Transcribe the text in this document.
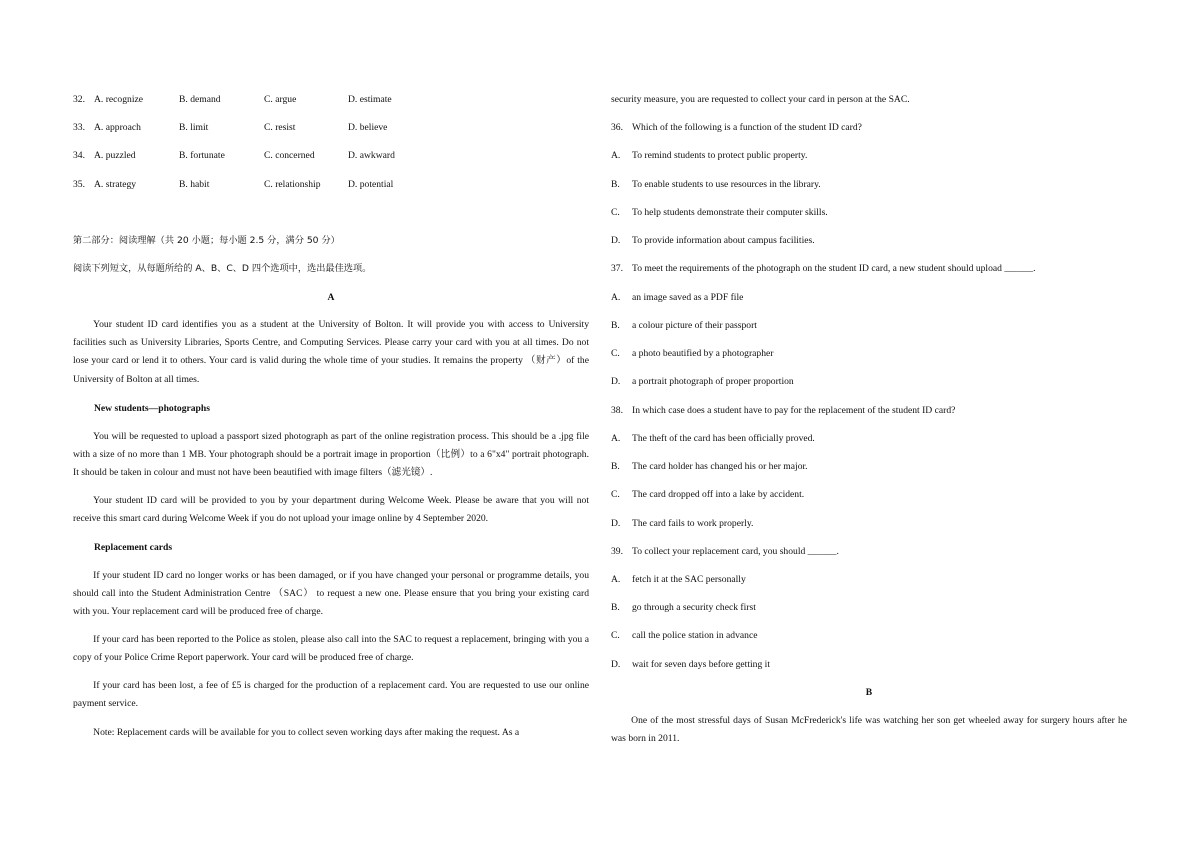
32. A. recognize	B. demand	C. argue	D. estimate
33. A. approach	B. limit	C. resist	D. believe
34. A. puzzled	B. fortunate	C. concerned	D. awkward
35. A. strategy	B. habit	C. relationship	D. potential
第二部分：阅读理解（共 20 小题；每小题 2.5 分，满分 50 分）
阅读下列短文，从每题所给的 A、B、C、D 四个选项中，选出最佳选项。
A
Your student ID card identifies you as a student at the University of Bolton. It will provide you with access to University facilities such as University Libraries, Sports Centre, and Computing Services. Please carry your card with you at all times. Do not lose your card or lend it to others. Your card is valid during the whole time of your studies. It remains the property （财产）of the University of Bolton at all times.
New students—photographs
You will be requested to upload a passport sized photograph as part of the online registration process. This should be a .jpg file with a size of no more than 1 MB. Your photograph should be a portrait image in proportion（比例）to a 6"x4" portrait photograph. It should be taken in colour and must not have been beautified with image filters（滤光镜）.
Your student ID card will be provided to you by your department during Welcome Week. Please be aware that you will not receive this smart card during Welcome Week if you do not upload your image online by 4 September 2020.
Replacement cards
If your student ID card no longer works or has been damaged, or if you have changed your personal or programme details, you should call into the Student Administration Centre （SAC） to request a new one. Please ensure that you bring your existing card with you. Your replacement card will be produced free of charge.
If your card has been reported to the Police as stolen, please also call into the SAC to request a replacement, bringing with you a copy of your Police Crime Report paperwork. Your card will be produced free of charge.
If your card has been lost, a fee of £5 is charged for the production of a replacement card. You are requested to use our online payment service.
Note: Replacement cards will be available for you to collect seven working days after making the request. As a
security measure, you are requested to collect your card in person at the SAC.
36. Which of the following is a function of the student ID card?
A. To remind students to protect public property.
B. To enable students to use resources in the library.
C. To help students demonstrate their computer skills.
D. To provide information about campus facilities.
37. To meet the requirements of the photograph on the student ID card, a new student should upload ______.
A. an image saved as a PDF file
B. a colour picture of their passport
C. a photo beautified by a photographer
D. a portrait photograph of proper proportion
38. In which case does a student have to pay for the replacement of the student ID card?
A. The theft of the card has been officially proved.
B. The card holder has changed his or her major.
C. The card dropped off into a lake by accident.
D. The card fails to work properly.
39. To collect your replacement card, you should ______.
A. fetch it at the SAC personally
B. go through a security check first
C. call the police station in advance
D. wait for seven days before getting it
B
One of the most stressful days of Susan McFrederick's life was watching her son get wheeled away for surgery hours after he was born in 2011.
